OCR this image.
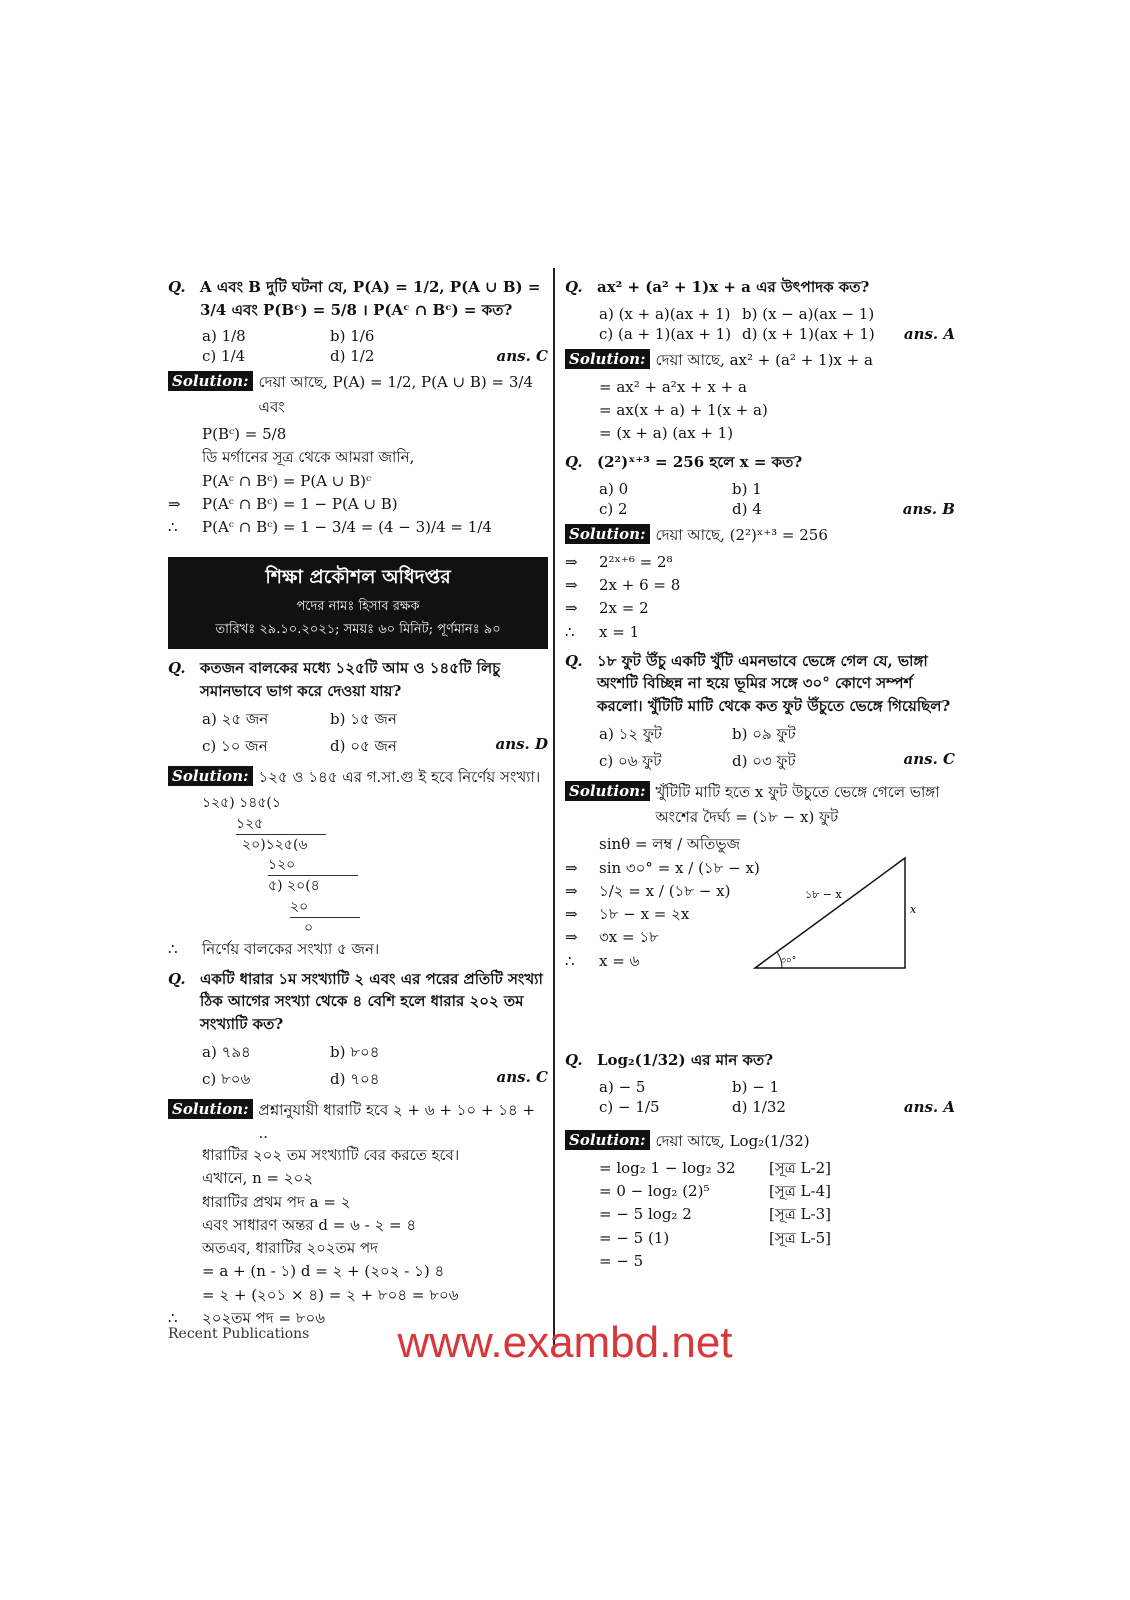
Q. A এবং B দুটি ঘটনা যে, P(A) = 1/2, P(A ∪ B) = 3/4 এবং P(Bᶜ) = 5/8 । P(Aᶜ ∩ Bᶜ) = কত?
a) 1/8	b) 1/6
c) 1/4	d) 1/2	ans. C
Solution: দেয়া আছে, P(A) = 1/2, P(A ∪ B) = 3/4 এবং
P(Bᶜ) = 5/8
ডি মর্গানের সূত্র থেকে আমরা জানি,
P(Aᶜ ∩ Bᶜ) = P(A ∪ B)ᶜ
⇒	P(Aᶜ ∩ Bᶜ) = 1 − P(A ∪ B)
∴	P(Aᶜ ∩ Bᶜ) = 1 − 3/4 = (4 − 3)/4 = 1/4
শিক্ষা প্রকৌশল অধিদপ্তর
পদের নামঃ হিসাব রক্ষক
তারিখঃ ২৯.১০.২০২১; সময়ঃ ৬০ মিনিট; পূর্ণমানঃ ৯০
Q. কতজন বালকের মধ্যে ১২৫টি আম ও ১৪৫টি লিচু সমানভাবে ভাগ করে দেওয়া যায়?
a) ২৫ জন	b) ১৫ জন
c) ১০ জন	d) ০৫ জন	ans. D
Solution: ১২৫ ও ১৪৫ এর গ.সা.গু ই হবে নির্ণেয় সংখ্যা।
১২৫) ১৪৫(১
১২৫
২০)১২৫(৬
১২০
৫) ২০(৪
২০
০
∴	নির্ণেয় বালকের সংখ্যা ৫ জন।
Q. একটি ধারার ১ম সংখ্যাটি ২ এবং এর পরের প্রতিটি সংখ্যা ঠিক আগের সংখ্যা থেকে ৪ বেশি হলে ধারার ২০২ তম সংখ্যাটি কত?
a) ৭৯৪	b) ৮০৪
c) ৮০৬	d) ৭০৪	ans. C
Solution: প্রশ্নানুযায়ী ধারাটি হবে ২ + ৬ + ১০ + ১৪ + ..
ধারাটির ২০২ তম সংখ্যাটি বের করতে হবে।
এখানে, n = ২০২
ধারাটির প্রথম পদ a = ২
এবং সাধারণ অন্তর d = ৬ - ২ = ৪
অতএব, ধারাটির ২০২তম পদ
= a + (n - ১) d = ২ + (২০২ - ১) ৪
= ২ + (২০১ × ৪) = ২ + ৮০৪ = ৮০৬
∴	২০২তম পদ = ৮০৬
Recent Publications
Q. ax² + (a² + 1)x + a এর উৎপাদক কত?
a) (x + a)(ax + 1) b) (x − a)(ax − 1)
c) (a + 1)(ax + 1) d) (x + 1)(ax + 1)	ans. A
Solution: দেয়া আছে, ax² + (a² + 1)x + a
= ax² + a²x + x + a
= ax(x + a) + 1(x + a)
= (x + a) (ax + 1)
Q. (2²)ˣ⁺³ = 256 হলে x = কত?
a) 0	b) 1
c) 2	d) 4	ans. B
Solution: দেয়া আছে, (2²)ˣ⁺³ = 256
⇒	2²ˣ⁺⁶ = 2⁸
⇒	2x + 6 = 8
⇒	2x = 2
∴	x = 1
Q. ১৮ ফুট উঁচু একটি খুঁটি এমনভাবে ভেঙ্গে গেল যে, ভাঙ্গা অংশটি বিচ্ছিন্ন না হয়ে ভূমির সঙ্গে ৩০° কোণে সম্পর্শ করলো। খুঁটিটি মাটি থেকে কত ফুট উঁচুতে ভেঙ্গে গিয়েছিল?
a) ১২ ফুট	b) ০৯ ফুট
c) ০৬ ফুট	d) ০৩ ফুট	ans. C
Solution: খুঁটিটি মাটি হতে x ফুট উচুতে ভেঙ্গে গেলে ভাঙ্গা অংশের দৈর্ঘ্য = (১৮ − x) ফুট
sinθ = লম্ব / অতিভুজ
⇒	sin ৩০° = x / (১৮ − x)
⇒	১/২ = x / (১৮ − x)
⇒	১৮ − x = ২x
⇒	৩x = ১৮
∴	x = ৬
১৮ − x
x
৩০°
Q. Log₂(1/32) এর মান কত?
a) − 5	b) − 1
c) − 1/5	d) 1/32	ans. A
Solution: দেয়া আছে, Log₂(1/32)
= log₂ 1 − log₂ 32	[সূত্র L-2]
= 0 − log₂ (2)⁵	[সূত্র L-4]
= − 5 log₂ 2	[সূত্র L-3]
= − 5 (1)	[সূত্র L-5]
= − 5
www.exambd.net
